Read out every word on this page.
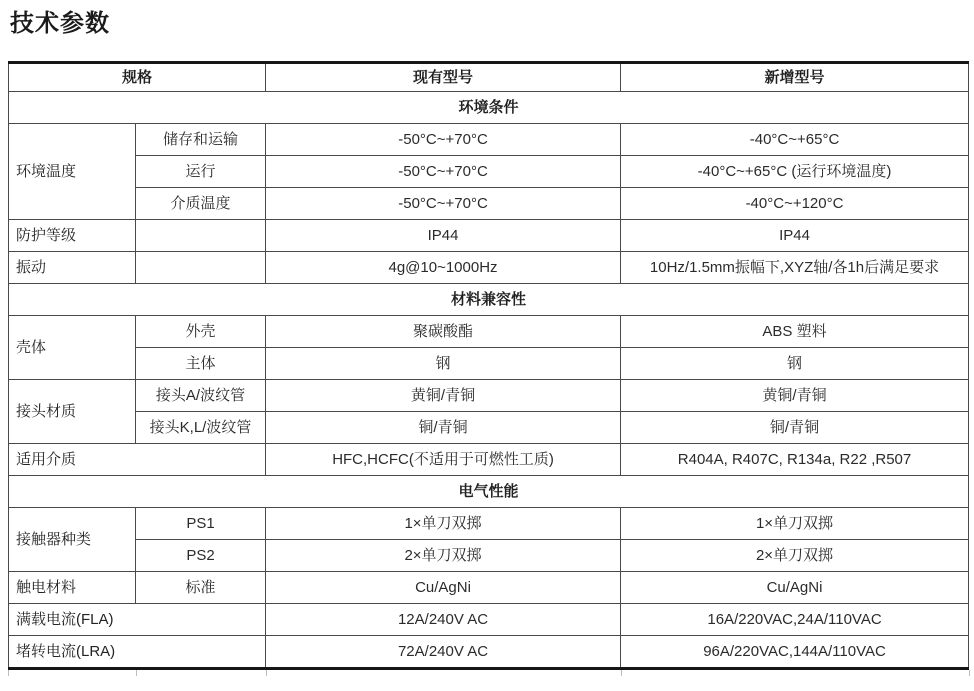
技术参数
规格		现有型号	新增型号
环境条件			
环境温度	储存和运输	-50°C~+70°C	-40°C~+65°C
	运行	-50°C~+70°C	-40°C~+65°C (运行环境温度)
	介质温度	-50°C~+70°C	-40°C~+120°C
防护等级		IP44	IP44
振动		4g@10~1000Hz	10Hz/1.5mm振幅下,XYZ轴/各1h后满足要求
材料兼容性			
壳体	外壳	聚碳酸酯	ABS 塑料
	主体	钢	钢
接头材质	接头A/波纹管	黄铜/青铜	黄铜/青铜
	接头K,L/波纹管	铜/青铜	铜/青铜
适用介质		HFC,HCFC(不适用于可燃性工质)	R404A, R407C, R134a, R22 ,R507
电气性能			
接触器种类	PS1	1×单刀双掷	1×单刀双掷
	PS2	2×单刀双掷	2×单刀双掷
触电材料	标准	Cu/AgNi	Cu/AgNi
满载电流(FLA)		12A/240V AC	16A/220VAC,24A/110VAC
堵转电流(LRA)		72A/240V AC	96A/220VAC,144A/110VAC
